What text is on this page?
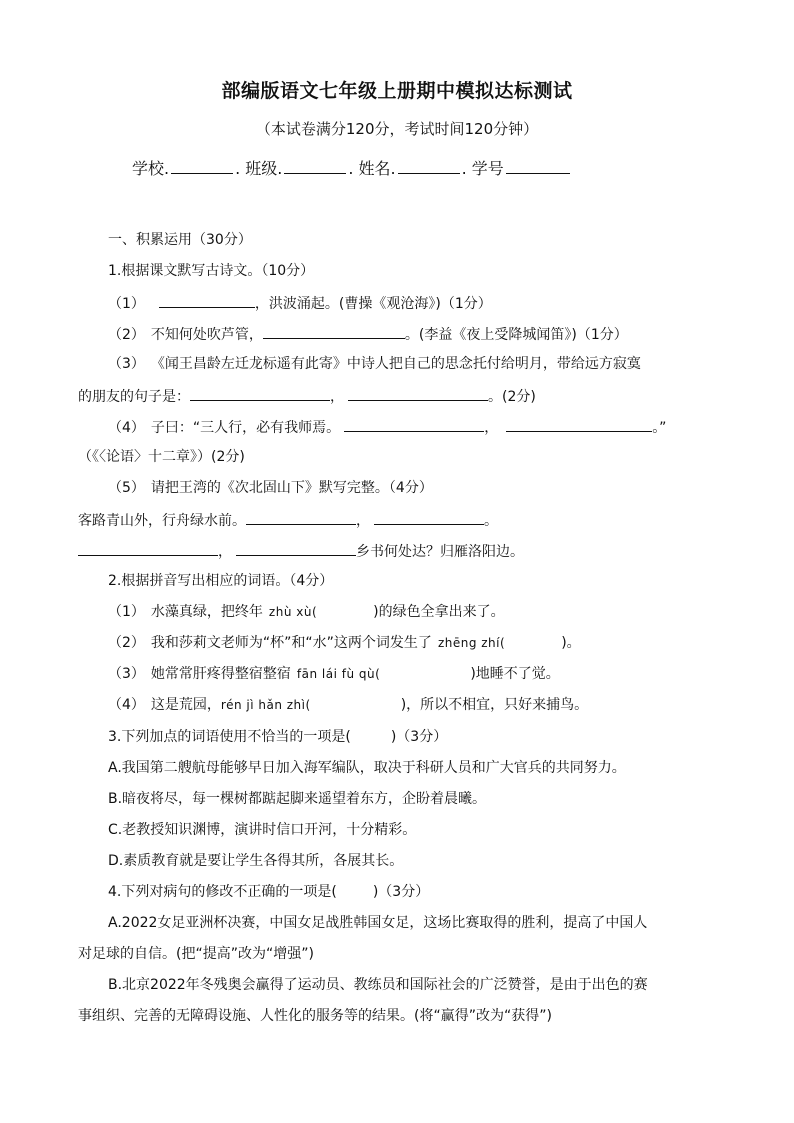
部编版语文七年级上册期中模拟达标测试
（本试卷满分120分，考试时间120分钟）
学校.	. 班级.	. 姓名.	. 学号
一、积累运用（30分）
1.根据课文默写古诗文。（10分）
（1）	，洪波涌起。(曹操《观沧海》)（1分）
（2） 不知何处吹芦管，	。(李益《夜上受降城闻笛》)（1分）
（3） 《闻王昌龄左迁龙标遥有此寄》中诗人把自己的思念托付给明月，带给远方寂寞
的朋友的句子是：	，	。(2分)
（4） 子曰：“三人行，必有我师焉。	，	。”
（《〈论语〉十二章》）(2分)
（5） 请把王湾的《次北固山下》默写完整。（4分）
客路青山外，行舟绿水前。	，	。
，	乡书何处达？归雁洛阳边。
2.根据拼音写出相应的词语。（4分）
（1） 水藻真绿，把终年 zhù xù(	)的绿色全拿出来了。
（2） 我和莎莉文老师为“杯”和“水”这两个词发生了 zhēng zhí(	)。
（3） 她常常肝疼得整宿整宿 fān lái fù qù(	)地睡不了觉。
（4） 这是荒园，rén jì hǎn zhì(	)，所以不相宜，只好来捕鸟。
3.下列加点的词语使用不恰当的一项是(	)（3分）
A.我国第二艘航母能够早日加入海军编队，取决于科研人员和广大官兵的共同努力。
B.暗夜将尽，每一棵树都踮起脚来遥望着东方，企盼着晨曦。
C.老教授知识渊博，演讲时信口开河，十分精彩。
D.素质教育就是要让学生各得其所，各展其长。
4.下列对病句的修改不正确的一项是(	)（3分）
A.2022女足亚洲杯决赛，中国女足战胜韩国女足，这场比赛取得的胜利，提高了中国人
对足球的自信。(把“提高”改为“增强”)
B.北京2022年冬残奥会赢得了运动员、教练员和国际社会的广泛赞誉，是由于出色的赛
事组织、完善的无障碍设施、人性化的服务等的结果。(将“赢得”改为“获得”)
